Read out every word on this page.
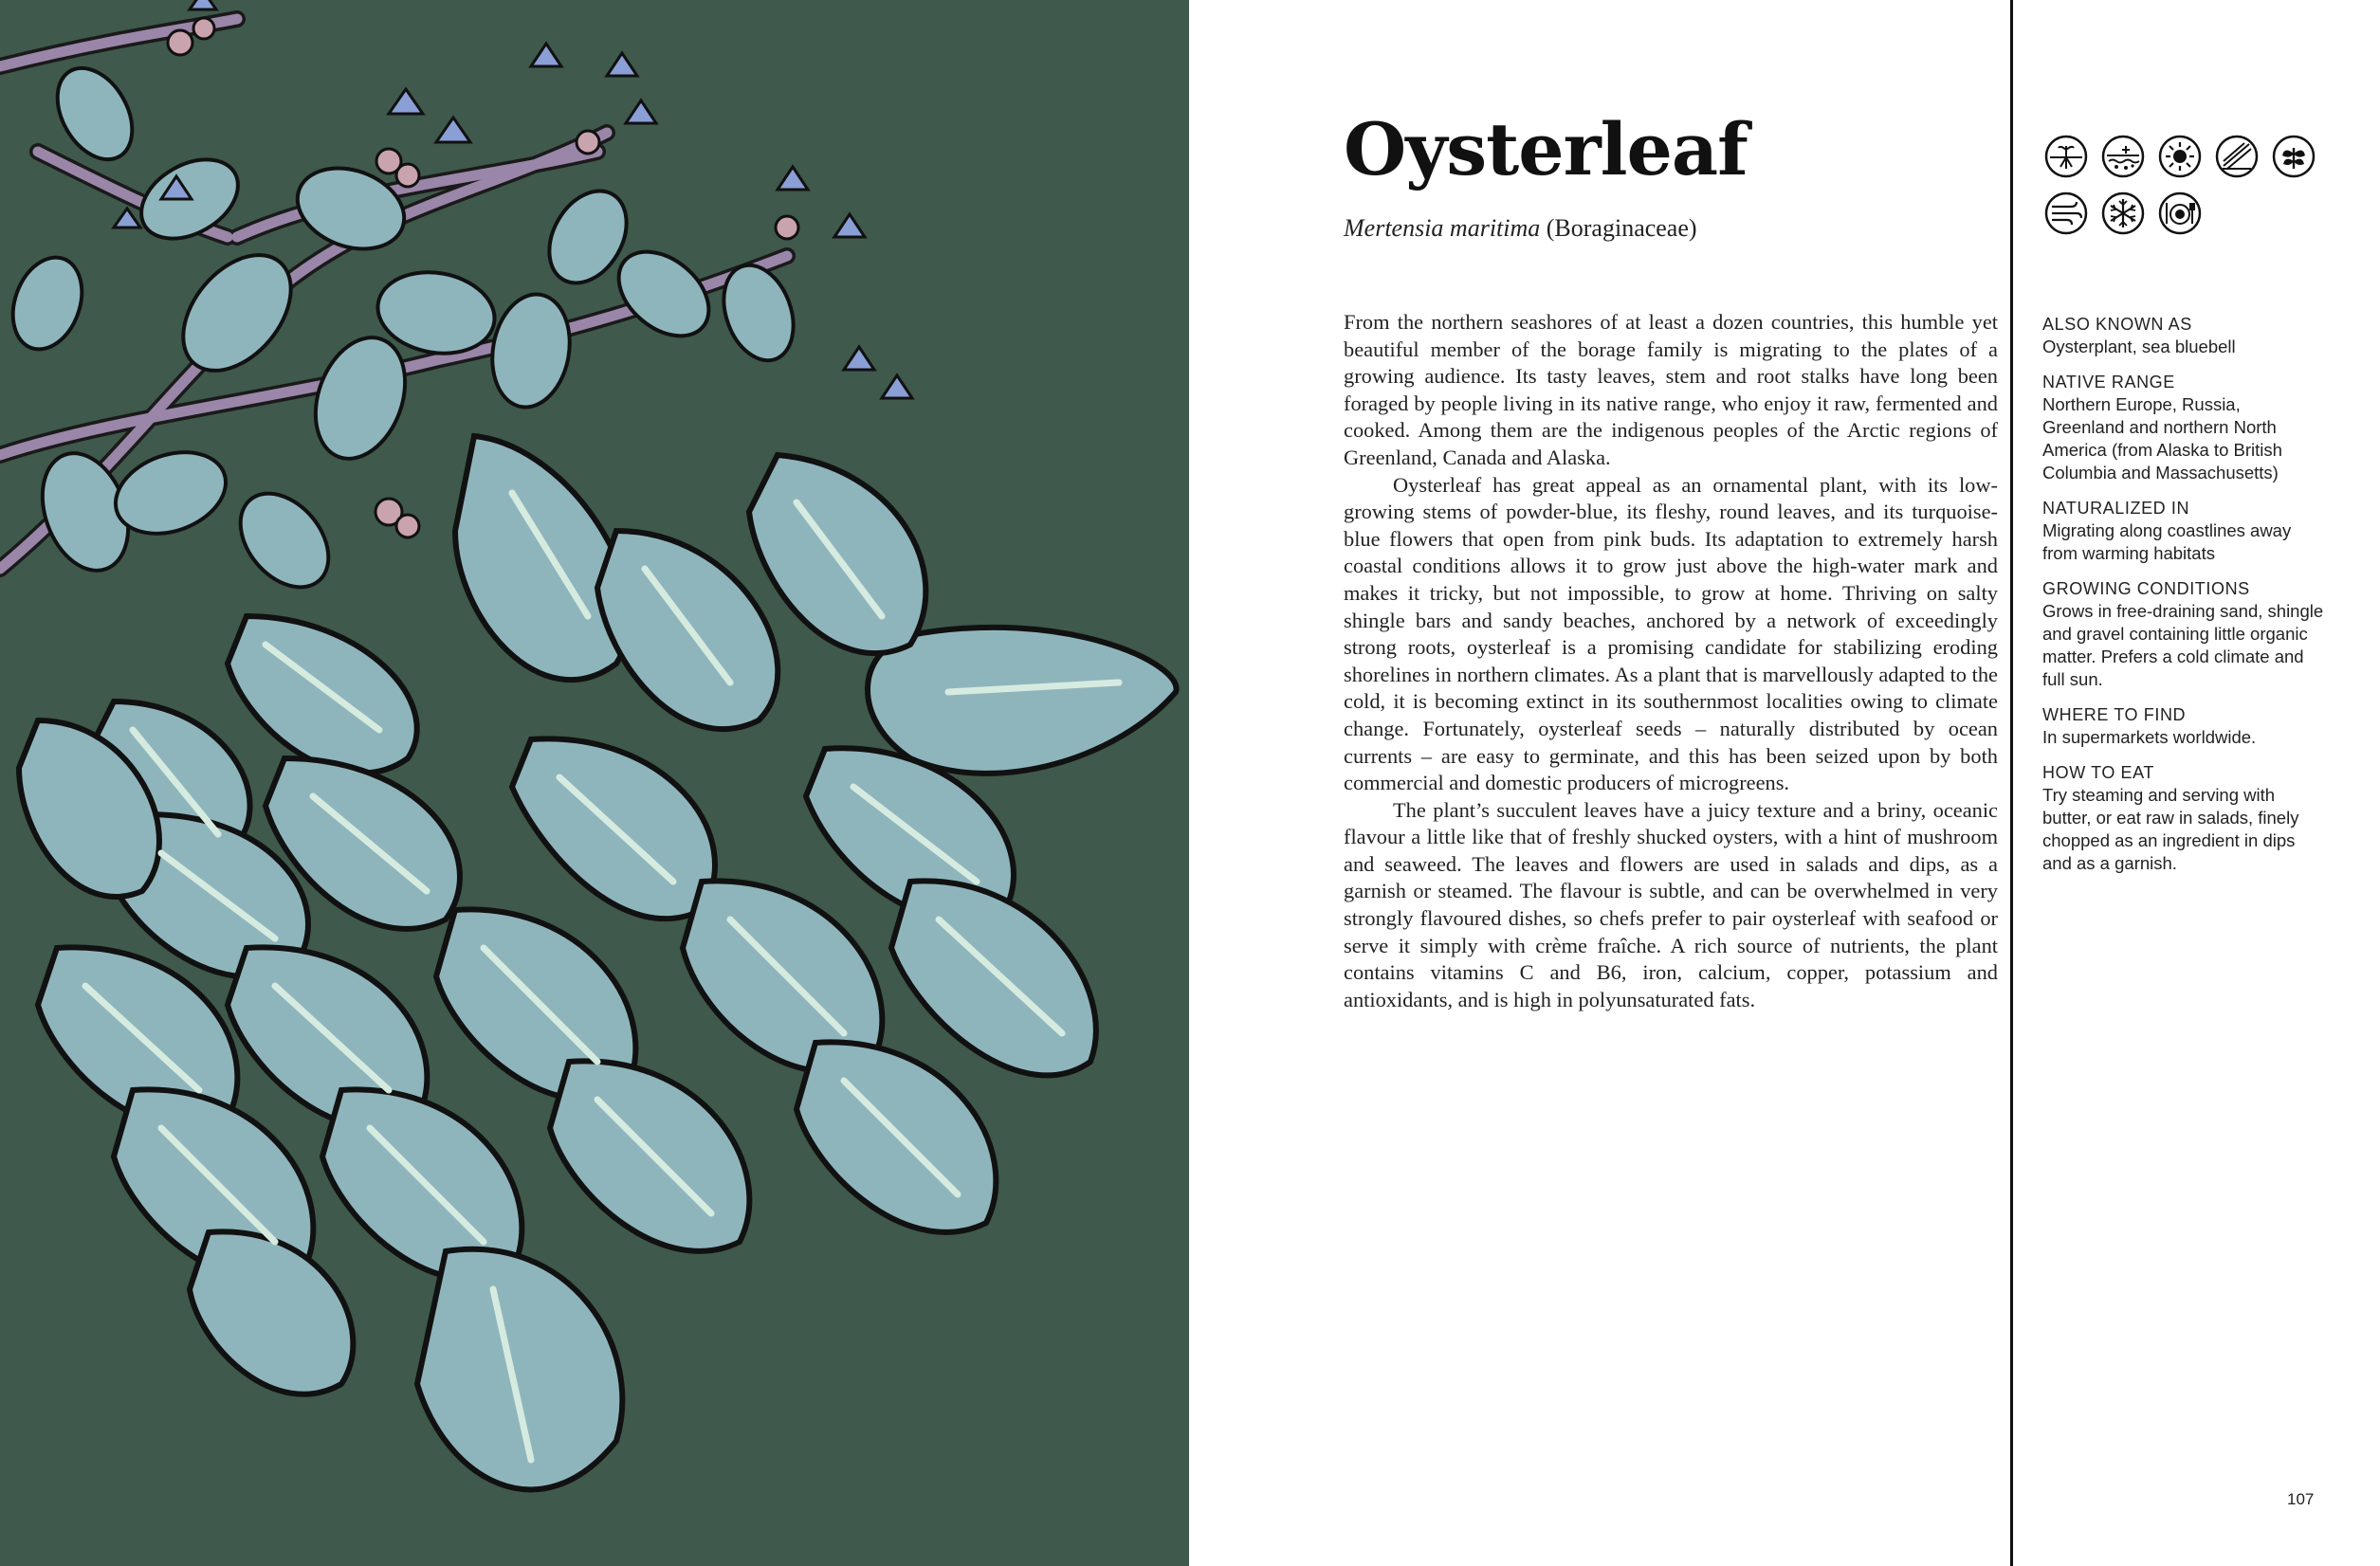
Oysterleaf
Mertensia maritima (Boraginaceae)

From the northern seashores of at least a dozen countries, this humble yet beautiful member of the borage family is migrating to the plates of a growing audience. Its tasty leaves, stem and root stalks have long been foraged by people living in its native range, who enjoy it raw, fermented and cooked. Among them are the indigenous peoples of the Arctic regions of Greenland, Canada and Alaska.

Oysterleaf has great appeal as an ornamental plant, with its low-growing stems of powder-blue, its fleshy, round leaves, and its turquoise-blue flowers that open from pink buds. Its adaptation to extremely harsh coastal conditions allows it to grow just above the high-water mark and makes it tricky, but not impossible, to grow at home. Thriving on salty shingle bars and sandy beaches, anchored by a network of exceedingly strong roots, oysterleaf is a promising candidate for stabilizing eroding shorelines in northern climates. As a plant that is marvellously adapted to the cold, it is becoming extinct in its southernmost localities owing to climate change. Fortunately, oysterleaf seeds – naturally distributed by ocean currents – are easy to germinate, and this has been seized upon by both commercial and domestic producers of microgreens.

The plant’s succulent leaves have a juicy texture and a briny, oceanic flavour a little like that of freshly shucked oysters, with a hint of mushroom and seaweed. The leaves and flowers are used in salads and dips, as a garnish or steamed. The flavour is subtle, and can be overwhelmed in very strongly flavoured dishes, so chefs prefer to pair oysterleaf with seafood or serve it simply with crème fraîche. A rich source of nutrients, the plant contains vitamins C and B6, iron, calcium, copper, potassium and antioxidants, and is high in polyunsaturated fats.

ALSO KNOWN AS
Oysterplant, sea bluebell
NATIVE RANGE
Northern Europe, Russia, Greenland and northern North America (from Alaska to British Columbia and Massachusetts)
NATURALIZED IN
Migrating along coastlines away from warming habitats
GROWING CONDITIONS
Grows in free-draining sand, shingle and gravel containing little organic matter. Prefers a cold climate and full sun.
WHERE TO FIND
In supermarkets worldwide.
HOW TO EAT
Try steaming and serving with butter, or eat raw in salads, finely chopped as an ingredient in dips and as a garnish.
107
